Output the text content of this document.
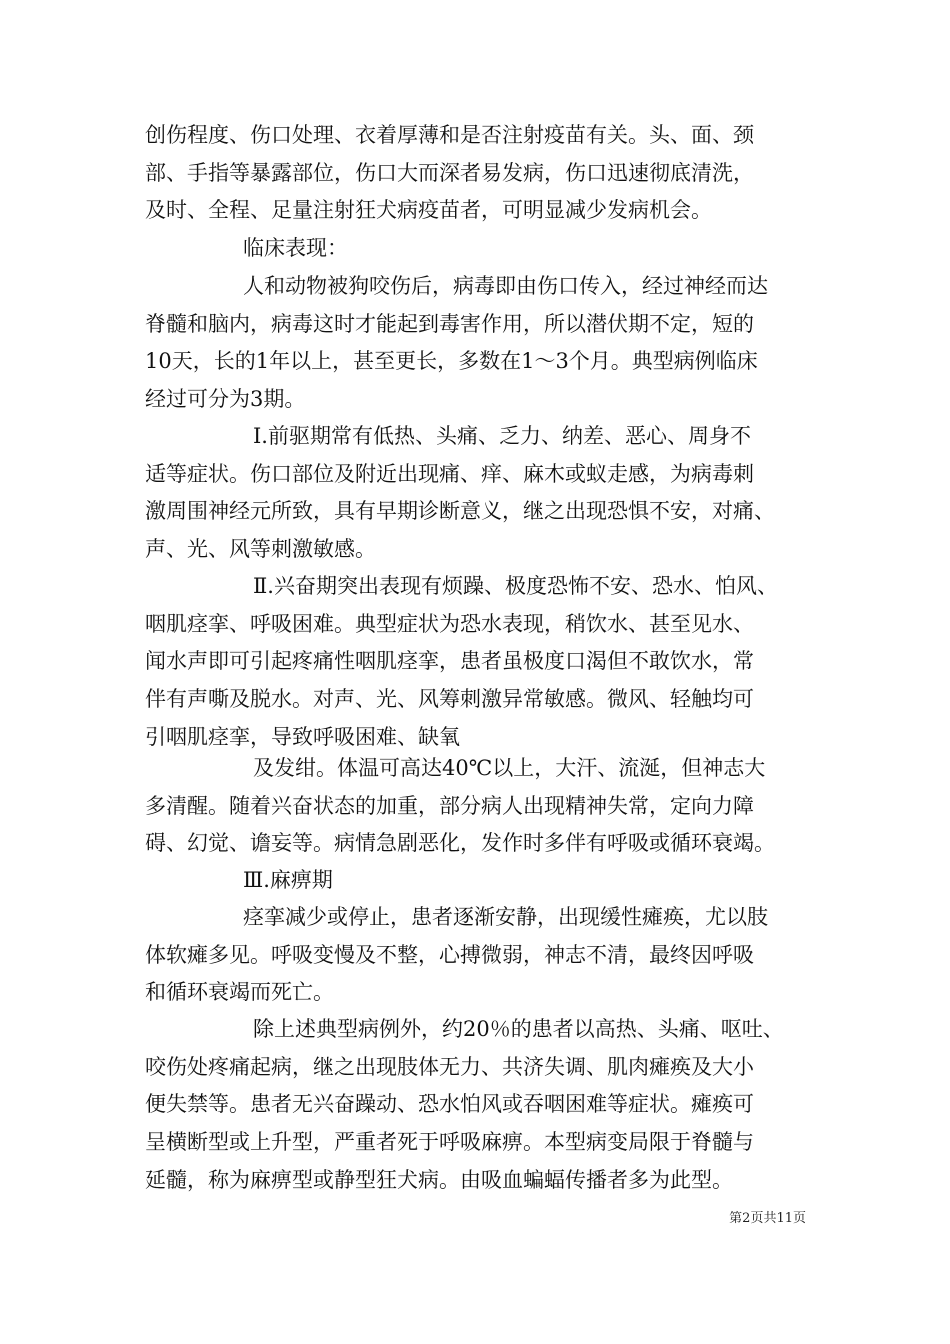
创伤程度、伤口处理、衣着厚薄和是否注射疫苗有关。头、面、颈
部、手指等暴露部位，伤口大而深者易发病，伤口迅速彻底清洗，
及时、全程、足量注射狂犬病疫苗者，可明显减少发病机会。
临床表现：
人和动物被狗咬伤后，病毒即由伤口传入，经过神经而达
脊髓和脑内，病毒这时才能起到毒害作用，所以潜伏期不定，短的
10天，长的1年以上，甚至更长，多数在1～3个月。典型病例临床
经过可分为3期。
Ⅰ.前驱期常有低热、头痛、乏力、纳差、恶心、周身不
适等症状。伤口部位及附近出现痛、痒、麻木或蚁走感，为病毒刺
激周围神经元所致，具有早期诊断意义，继之出现恐惧不安，对痛、
声、光、风等刺激敏感。
Ⅱ.兴奋期突出表现有烦躁、极度恐怖不安、恐水、怕风、
咽肌痉挛、呼吸困难。典型症状为恐水表现，稍饮水、甚至见水、
闻水声即可引起疼痛性咽肌痉挛，患者虽极度口渴但不敢饮水，常
伴有声嘶及脱水。对声、光、风筹刺激异常敏感。微风、轻触均可
引咽肌痉挛，导致呼吸困难、缺氧
及发绀。体温可高达40℃以上，大汗、流涎，但神志大
多清醒。随着兴奋状态的加重，部分病人出现精神失常，定向力障
碍、幻觉、谵妄等。病情急剧恶化，发作时多伴有呼吸或循环衰竭。
Ⅲ.麻痹期
痉挛减少或停止，患者逐渐安静，出现缓性瘫痪，尤以肢
体软瘫多见。呼吸变慢及不整，心搏微弱，神志不清，最终因呼吸
和循环衰竭而死亡。
除上述典型病例外，约20％的患者以高热、头痛、呕吐、
咬伤处疼痛起病，继之出现肢体无力、共济失调、肌肉瘫痪及大小
便失禁等。患者无兴奋躁动、恐水怕风或吞咽困难等症状。瘫痪可
呈横断型或上升型，严重者死于呼吸麻痹。本型病变局限于脊髓与
延髓，称为麻痹型或静型狂犬病。由吸血蝙蝠传播者多为此型。
第2页共11页
